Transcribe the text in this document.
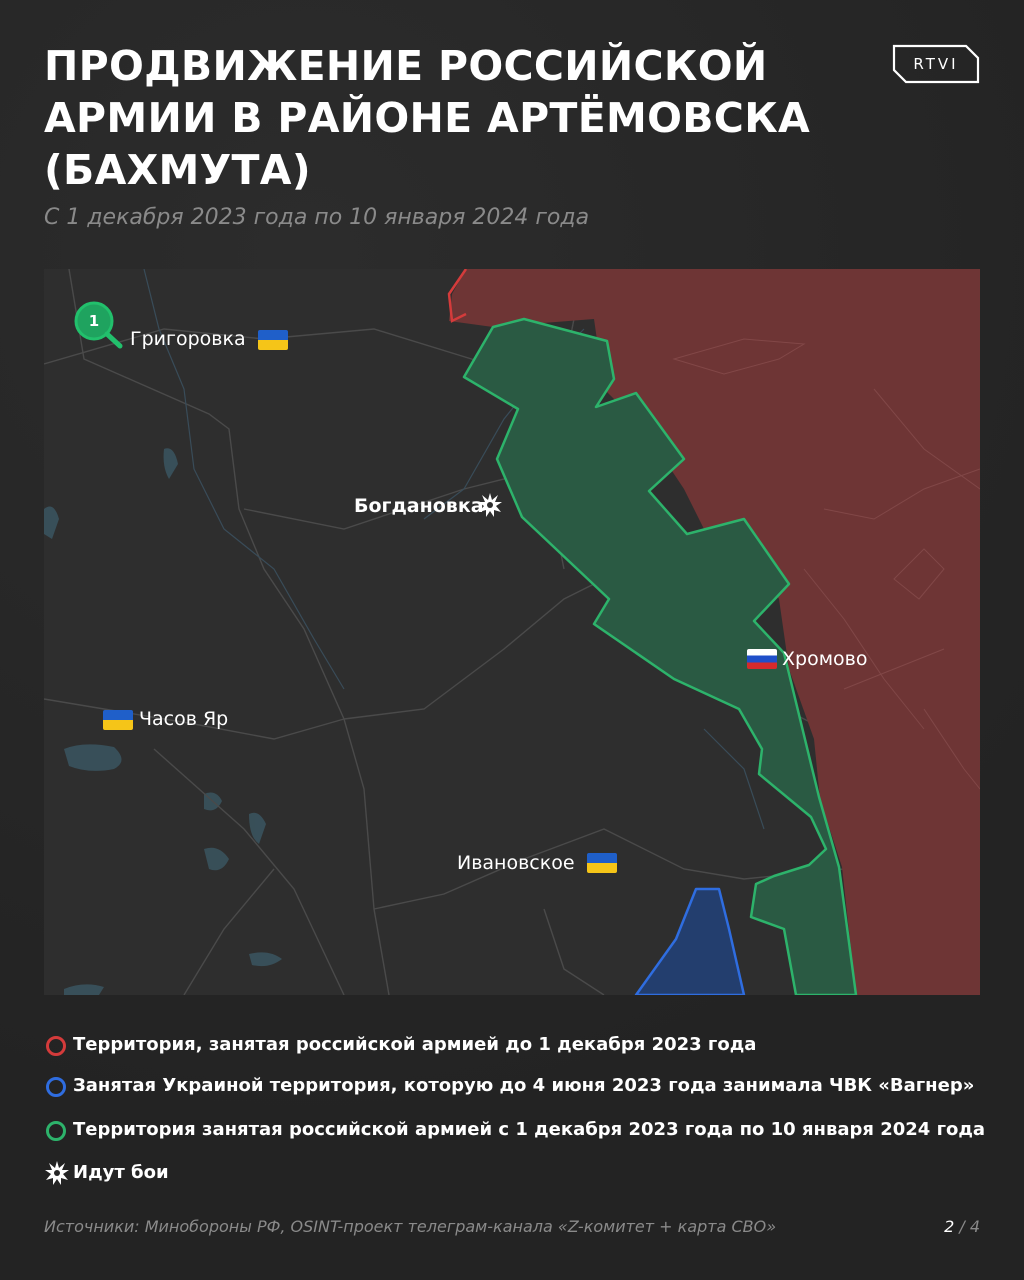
ПРОДВИЖЕНИЕ РОССИЙСКОЙ
АРМИИ В РАЙОНЕ АРТЁМОВСКА
(БАХМУТА)

С 1 декабря 2023 года по 10 января 2024 года

RTVI
1
Григоровка
Богдановка
Хромово
Часов Яр
Ивановское
Территория, занятая российской армией до 1 декабря 2023 года
Занятая Украиной территория, которую до 4 июня 2023 года занимала ЧВК «Вагнер»
Территория занятая российской армией с 1 декабря 2023 года по 10 января 2024 года
Идут бои
Источники: Минобороны РФ, OSINT-проект телеграм-канала «Z-комитет + карта СВО»	2 / 4
